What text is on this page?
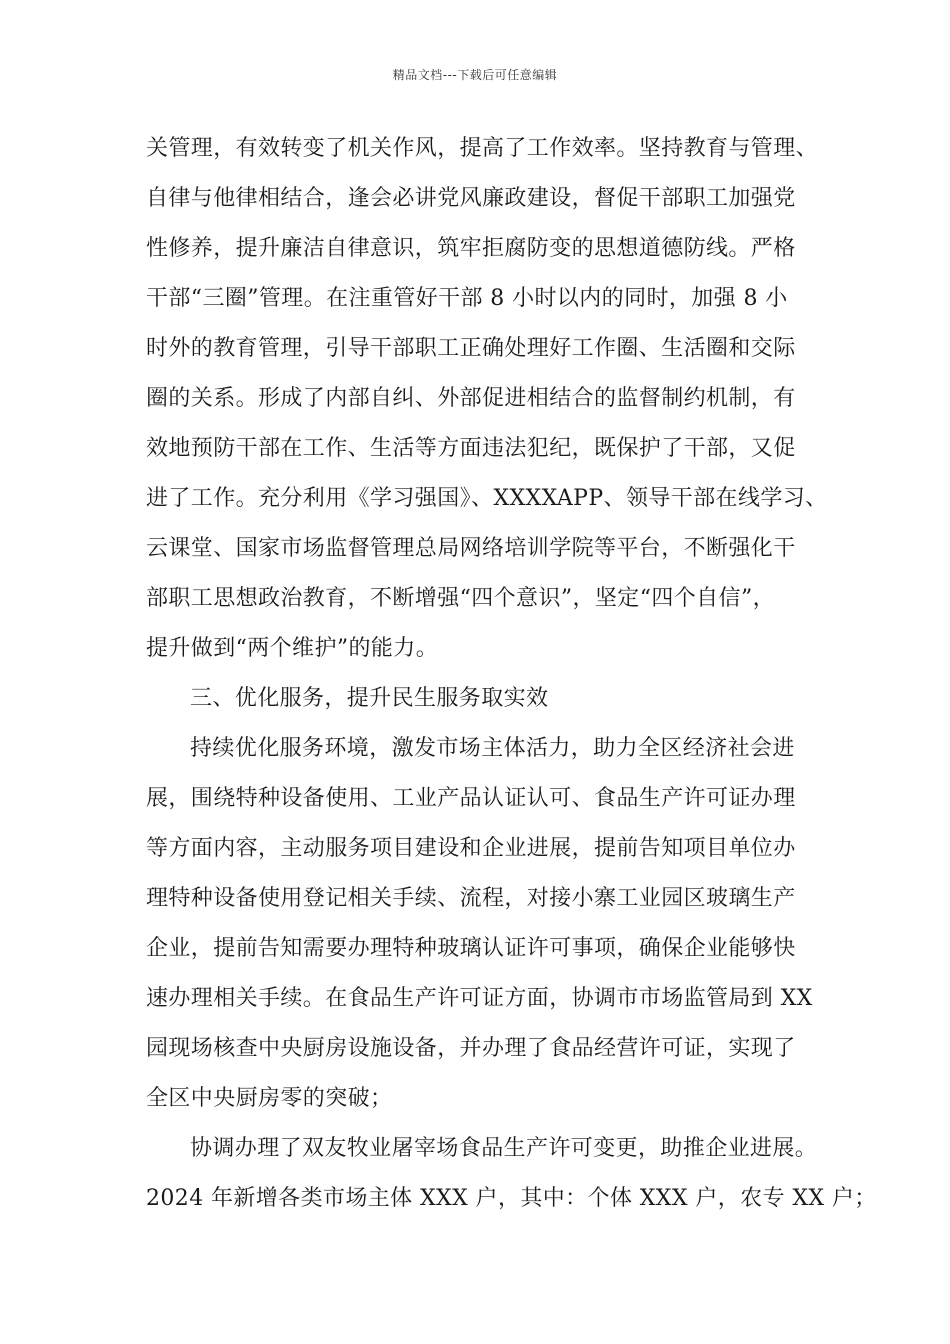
精品文档---下载后可任意编辑
关管理，有效转变了机关作风，提高了工作效率。坚持教育与管理、
自律与他律相结合，逢会必讲党风廉政建设，督促干部职工加强党
性修养，提升廉洁自律意识，筑牢拒腐防变的思想道德防线。严格
干部“三圈”管理。在注重管好干部 8 小时以内的同时，加强 8 小
时外的教育管理，引导干部职工正确处理好工作圈、生活圈和交际
圈的关系。形成了内部自纠、外部促进相结合的监督制约机制，有
效地预防干部在工作、生活等方面违法犯纪，既保护了干部，又促
进了工作。充分利用《学习强国》、XXXXAPP、领导干部在线学习、
云课堂、国家市场监督管理总局网络培训学院等平台，不断强化干
部职工思想政治教育，不断增强“四个意识”，坚定“四个自信”，
提升做到“两个维护”的能力。
三、优化服务，提升民生服务取实效
持续优化服务环境，激发市场主体活力，助力全区经济社会进
展，围绕特种设备使用、工业产品认证认可、食品生产许可证办理
等方面内容，主动服务项目建设和企业进展，提前告知项目单位办
理特种设备使用登记相关手续、流程，对接小寨工业园区玻璃生产
企业，提前告知需要办理特种玻璃认证许可事项，确保企业能够快
速办理相关手续。在食品生产许可证方面，协调市市场监管局到 XX
园现场核查中央厨房设施设备，并办理了食品经营许可证，实现了
全区中央厨房零的突破；
协调办理了双友牧业屠宰场食品生产许可变更，助推企业进展。
2024 年新增各类市场主体 XXX 户，其中：个体 XXX 户，农专 XX 户；
